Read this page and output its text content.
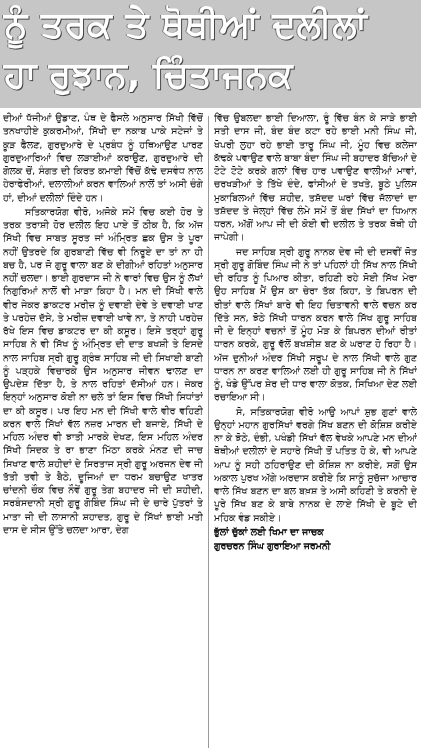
ਨੂੰ ਤਰਕ ਤੇ ਥੋਥੀਆਂ ਦਲੀਲਾਂ
ਹਾ ਰੁਝਾਨ, ਚਿੰਤਾਜਨਕ

ਦੀਆਂ ਧੱਜੀਆਂ ਉਡਾਣ, ਪੰਥ ਦੇ ਫੈਸਲੇ ਅਨੁਸਾਰ ਸਿੱਖੀ ਵਿੱਚੋਂ ਤਨਖਾਹੀਏ ਕੁਕਰਮੀਆਂ, ਸਿੱਖੀ ਦਾ ਨਕਾਬ ਪਾਕੇ ਸਟੇਜਾਂ ਤੇ ਕੂੜ ਫੈਲਣ, ਗੁਰਦੁਆਰੇ ਦੇ ਪ੍ਰਬੰਧ ਨੂੰ ਹਥਿਆਉਣ ਪਾਰਣ ਗੁਰਦੁਆਰਿਆਂ ਵਿਚ ਲੜਾਈਆਂ ਕਰਾਉਣ, ਗੁਰਦੁਆਰੇ ਦੀ ਗੋਲਕ ਚੋਂ, ਸੰਗਤ ਦੀ ਕਿਰਤ ਕਮਾਈ ਵਿੱਚੋਂ ਕੱਢੇ ਦਸਵੰਧ ਨਾਲ ਹੇਰਾਫੇਰੀਆਂ, ਦਲਾਲੀਆਂ ਕਰਨ ਵਾਲਿਆਂ ਨਾਲੋਂ ਤਾਂ ਅਸੀ ਚੰਗੇ ਹਾਂ, ਦੀਆਂ ਦਲੀਲਾਂ ਦਿੰਦੇ ਹਨ।

ਸਤਿਕਾਰਯੋਗ ਵੀਰੋ, ਅਜੋਕੇ ਸਮੇਂ ਵਿਚ ਕਈ ਹੋਰ ਤੇ ਤਰਕ ਤਰਾਸ਼ੀ ਹੋਰ ਦਲੀਲ ਇਹ ਪਾਏ ਤੋਂ ਠੀਕ ਹੈ, ਕਿ ਅੱਜ ਸਿੱਖੀ ਵਿਚ ਸਾਬਤ ਸੂਰਤ ਜਾਂ ਅੰਮ੍ਰਿਤ ਛਕ ਉਸ ਤੇ ਪੂਰਾ ਨਹੀਂ ਉਤਰਦੇ ਕਿ ਗੁਰਬਾਣੀ ਵਿੱਚ ਵੀ ਨਿਰੂਏ ਦਾ ਤਾਂ ਨਾ ਹੀ ਬਚ ਹੈ, ਪਰ ਜੋ ਗੁਰੂ ਵਾਲਾ ਬਣ ਕੇ ਦੀਗੀਆਂ ਰਹਿਤਾਂ ਅਨੁਸਾਰ ਨਹੀਂ ਚਲਦਾ। ਭਾਈ ਗੁਰਦਾਸ ਜੀ ਨੇ ਵਾਰਾਂ ਵਿਚ ਉਸ ਨੂੰ ਲੱਖਾਂ ਨਿਗੁਰਿਆਂ ਨਾਲੋਂ ਵੀ ਮਾੜਾ ਕਿਹਾ ਹੈ। ਮਨ ਦੀ ਸਿੱਖੀ ਵਾਲੇ ਵੀਰ ਜੇਕਰ ਡਾਕਟਰ ਮਰੀਜ਼ ਨੂੰ ਦਵਾਈ ਦੇਵੇ ਤੇ ਦਵਾਈ ਖਾਣ ਤੇ ਪਰਹੇਜ਼ ਦੱਸੇ, ਤੇ ਮਰੀਜ਼ ਦਵਾਈ ਖਾਵੇ ਨਾ, ਤੇ ਨਾਹੀ ਪਰਹੇਜ਼ ਰੱਖੇ ਇਸ ਵਿਚ ਡਾਕਟਰ ਦਾ ਕੀ ਕਸੂਰ। ਇਸੇ ਤਰ੍ਹਾਂ ਗੁਰੂ ਸਾਹਿਬ ਨੇ ਵੀ ਸਿੱਖ ਨੂੰ ਅੰਮ੍ਰਿਤ ਦੀ ਦਾਤ ਬਖਸ਼ੀ ਤੇ ਇਸਦੇ ਨਾਲ ਸਾਹਿਬ ਸ੍ਰੀ ਗੁਰੂ ਗ੍ਰੰਥ ਸਾਹਿਬ ਜੀ ਦੀ ਸਿਖਾਈ ਬਾਣੀ ਨੂੰ ਪੜ੍ਹਕੇ ਵਿਚਾਰਕੇ ਉਸ ਅਨੁਸਾਰ ਜੀਵਨ ਢਾਲਣ ਦਾ ਉਪਦੇਸ਼ ਦਿੱਤਾ ਹੈ, ਤੇ ਨਾਲ ਰਹਿਤਾਂ ਦੱਸੀਆਂ ਹਨ। ਜੇਕਰ ਇਨ੍ਹਾਂ ਅਨੁਸਾਰ ਕੋਈ ਨਾ ਚਲੇ ਤਾਂ ਇਸ ਵਿਚ ਸਿੱਖੀ ਸਿਧਾਂਤਾਂ ਦਾ ਕੀ ਕਸੂਰ। ਪਰ ਇਹ ਮਨ ਦੀ ਸਿੱਖੀ ਵਾਲੇ ਵੀਰ ਵਹਿਣੀ ਕਰਨ ਵਾਲੇ ਸਿੱਖਾਂ ਵੱਲ ਨਜ਼ਰ ਮਾਰਨ ਦੀ ਬਜਾਏ, ਸਿੱਖੀ ਦੇ ਮਹਿਲ ਅੰਦਰ ਵੀ ਝਾਤੀ ਮਾਰਕੇ ਦੇਖਣ, ਇਸ ਮਹਿਲ ਅੰਦਰ ਸਿੱਖੀ ਸਿਦਕ ਤੇ ਰਾ ਭਾਣਾ ਮਿੱਠਾ ਕਰਕੇ ਮੰਨਣ ਦੀ ਜਾਚ ਸਿਖਾਣ ਵਾਲੇ ਸ਼ਹੀਦਾਂ ਦੇ ਸਿਰਤਾਜ ਸ੍ਰੀ ਗੁਰੂ ਅਰਜਨ ਦੇਵ ਜੀ ਤੱਤੀ ਤਵੀ ਤੇ ਬੈਠੇ, ਦੂਜਿਆਂ ਦਾ ਧਰਮ ਬਚਾਉਣ ਖਾਤਰ ਚਾਂਦਨੀ ਚੌਕ ਵਿਚ ਨੌਵੇਂ ਗੁਰੂ ਤੇਗ ਬਹਾਦਰ ਜੀ ਦੀ ਸ਼ਹੀਦੀ, ਸਰਬੰਸਦਾਨੀ ਸ੍ਰੀ ਗੁਰੂ ਗੋਬਿੰਦ ਸਿੰਘ ਜੀ ਦੇ ਚਾਰੇ ਪੁੱਤਰਾਂ ਤੇ ਮਾਤਾ ਜੀ ਦੀ ਲਾਸਾਨੀ ਸ਼ਹਾਦਤ, ਗੁਰੂ ਦੇ ਸਿੱਖਾਂ ਭਾਈ ਮਤੀ ਦਾਸ ਦੇ ਸੀਸ ਉੱਤੇ ਚਲਦਾ ਆਰਾ, ਦੇਗ

ਵਿੱਚ ਉਬਲਦਾ ਭਾਈ ਦਿਆਲਾ, ਰੂੰ ਵਿੱਚ ਬੰਨ ਕੇ ਸਾੜੇ ਭਾਈ ਸਤੀ ਦਾਸ ਜੀ, ਬੰਦ ਬੰਦ ਕਟਾ ਰਹੇ ਭਾਈ ਮਨੀ ਸਿੰਘ ਜੀ, ਖੋਪਰੀ ਲੁਹਾ ਰਹੇ ਭਾਈ ਤਾਰੂ ਸਿੰਘ ਜੀ, ਮੂੰਹ ਵਿਚ ਕਲੇਜਾ ਕੱਢਕੇ ਪਵਾਉਣ ਵਾਲੇ ਬਾਬਾ ਬੰਦਾ ਸਿੰਘ ਜੀ ਬਹਾਦਰ ਬੱਚਿਆਂ ਦੇ ਟੋਟੇ ਟੋਟੇ ਕਰਕੇ ਗਲਾਂ ਵਿੱਚ ਹਾਰ ਪਵਾਉਣ ਵਾਲੀਆਂ ਮਾਵਾਂ, ਚਰਖੜੀਆਂ ਤੇ ਤਿੱਖੇ ਦੰਦੇ, ਫਾਂਸੀਆਂ ਦੇ ਤਖਤੇ, ਬੂਠੇ ਪੁਲਿਸ ਮੁਕਾਬਿਲਆਂ ਵਿੱਚ ਸ਼ਹੀਦ, ਤਸ਼ੱਦਦ ਘਰਾਂ ਵਿੱਚ ਜੱਲਾਦਾਂ ਦਾ ਤਸ਼ੱਦਦ ਤੇ ਜੇਲ੍ਹਾਂ ਵਿੱਚ ਲੰਮੇ ਸਮੇਂ ਤੋਂ ਬੰਦ ਸਿੱਖਾਂ ਦਾ ਧਿਆਨ ਧਰਨ, ਅੱਗੋਂ ਆਪ ਜੀ ਦੀ ਕੋਈ ਵੀ ਦਲੀਲ ਤੇ ਤਰਕ ਥੋਥੀ ਹੀ ਜਾਪੇਗੀ।

ਜਦ ਸਾਹਿਬ ਸ੍ਰੀ ਗੁਰੂ ਨਾਨਕ ਦੇਵ ਜੀ ਦੀ ਦਸਵੀਂ ਜੋਤ ਸ੍ਰੀ ਗੁਰੂ ਗੋਬਿੰਦ ਸਿੰਘ ਜੀ ਨੇ ਤਾਂ ਪਹਿਲਾਂ ਹੀ ਸਿੱਖ ਨਾਲ ਸਿੱਖੀ ਦੀ ਰਹਿਤ ਨੂੰ ਪਿਆਰ ਕੀਤਾ, ਰਹਿਣੀ ਰਹੇ ਸੋਈ ਸਿੱਖ ਮੇਰਾ ਉਹ ਸਾਹਿਬ ਮੈਂ ਉਸ ਕਾ ਚੇਰਾ ਤੱਕ ਕਿਹਾ, ਤੇ ਬਿਪਰਨ ਦੀ ਰੀਤਾਂ ਵਾਲੇ ਸਿੱਖਾਂ ਬਾਰੇ ਵੀ ਇਹ ਚਿਤਾਵਨੀ ਵਾਲੇ ਵਚਨ ਕਰ ਦਿੱਤੇ ਸਨ, ਝੋਠੇ ਸਿੱਖੀ ਧਾਰਨ ਕਰਨ ਵਾਲੇ ਸਿੱਖ ਗੁਰੂ ਸਾਹਿਬ ਜੀ ਦੇ ਇਨ੍ਹਾਂ ਵਚਨਾਂ ਤੋਂ ਮੂੰਹ ਮੋੜ ਕੇ ਬਿਪਰਨ ਦੀਆਂ ਰੀਤਾਂ ਧਾਰਨ ਕਰਕੇ, ਗੁਰੂ ਵੱਲੋਂ ਬਖਸ਼ੀਸ਼ ਬਣ ਕੇ ਘਰਾਣ ਹੋ ਰਿਹਾ ਹੈ। ਅੱਜ ਦੁਨੀਆਂ ਅੰਦਰ ਸਿੱਖੀ ਸਰੂਪ ਦੇ ਨਾਲ ਸਿੱਖੀ ਵਾਲੇ ਗੁਣ ਧਾਰਨ ਨਾ ਕਰਣ ਵਾਲਿਆਂ ਲਈ ਹੀ ਗੁਰੂ ਸਾਹਿਬ ਜੀ ਨੇ ਸਿੱਖਾਂ ਨੂੰ, ਖੰਡੇ ਉੱਪਰ ਸ਼ੇਰ ਦੀ ਧਾਰ ਵਾਲਾ ਕੋਤਕ, ਸਿਖਿਆ ਦੇਣ ਲਈ ਰਚਾਇਆ ਸੀ।

ਸੋ, ਸਤਿਕਾਰਯੋਗ ਵੀਰੋ ਆਉ ਆਪਾਂ ਸ਼ੁਭ ਗੁਣਾਂ ਵਾਲੇ ਉਨ੍ਹਾਂ ਮਹਾਨ ਗੁਰਸਿੱਖਾਂ ਵਰਗੇ ਸਿੱਖ ਬਣਨ ਦੀ ਕੋਸ਼ਿਸ਼ ਕਰੀਏ ਨਾ ਕੇ ਝੋਠੇ, ਦੰਭੀ, ਪਖੰਡੀ ਸਿੱਖਾਂ ਵੱਲ ਵੇਖਕੇ ਆਪਣੇ ਮਨ ਦੀਆਂ ਥੋਥੀਆਂ ਦਲੀਲਾਂ ਦੇ ਸਹਾਰੇ ਸਿੱਖੀ ਤੋਂ ਪਤਿਤ ਹੋ ਕੇ, ਵੀ ਆਪਣੇ ਆਪ ਨੂੰ ਸਹੀ ਠਹਿਰਾਉਣ ਦੀ ਕੋਸ਼ਿਸ਼ ਨਾ ਕਰੀਏ, ਸਗੋਂ ਉਸ ਅਕਾਲ ਪੁਰਖ ਅੱਗੇ ਅਰਦਾਸ ਕਰੀਏ ਕਿ ਸਾਨੂੰ ਸੁਚੱਜਾ ਆਚਾਰ ਵਾਲੇ ਸਿੱਖ ਬਣਨ ਦਾ ਬਲ ਬਖ਼ਸ਼ ਤੇ ਅਸੀ ਕਹਿਣੀ ਤੇ ਕਰਨੀ ਦੇ ਪੂਰੇ ਸਿੱਖ ਬਣ ਕੇ ਬਾਬੇ ਨਾਨਕ ਦੇ ਲਾਏ ਸਿੱਖੀ ਦੇ ਬੂਟੇ ਦੀ ਮਹਿਕ ਵੰਡ ਸਕੀਏ।

ਭੁੱਲਾਂ ਚੁੱਕਾਂ ਲਈ ਖਿਮਾ ਦਾ ਜਾਚਕ

ਗੁਰਚਰਨ ਸਿੰਘ ਗੁਰਾਇਆ ਜਰਮਨੀ
